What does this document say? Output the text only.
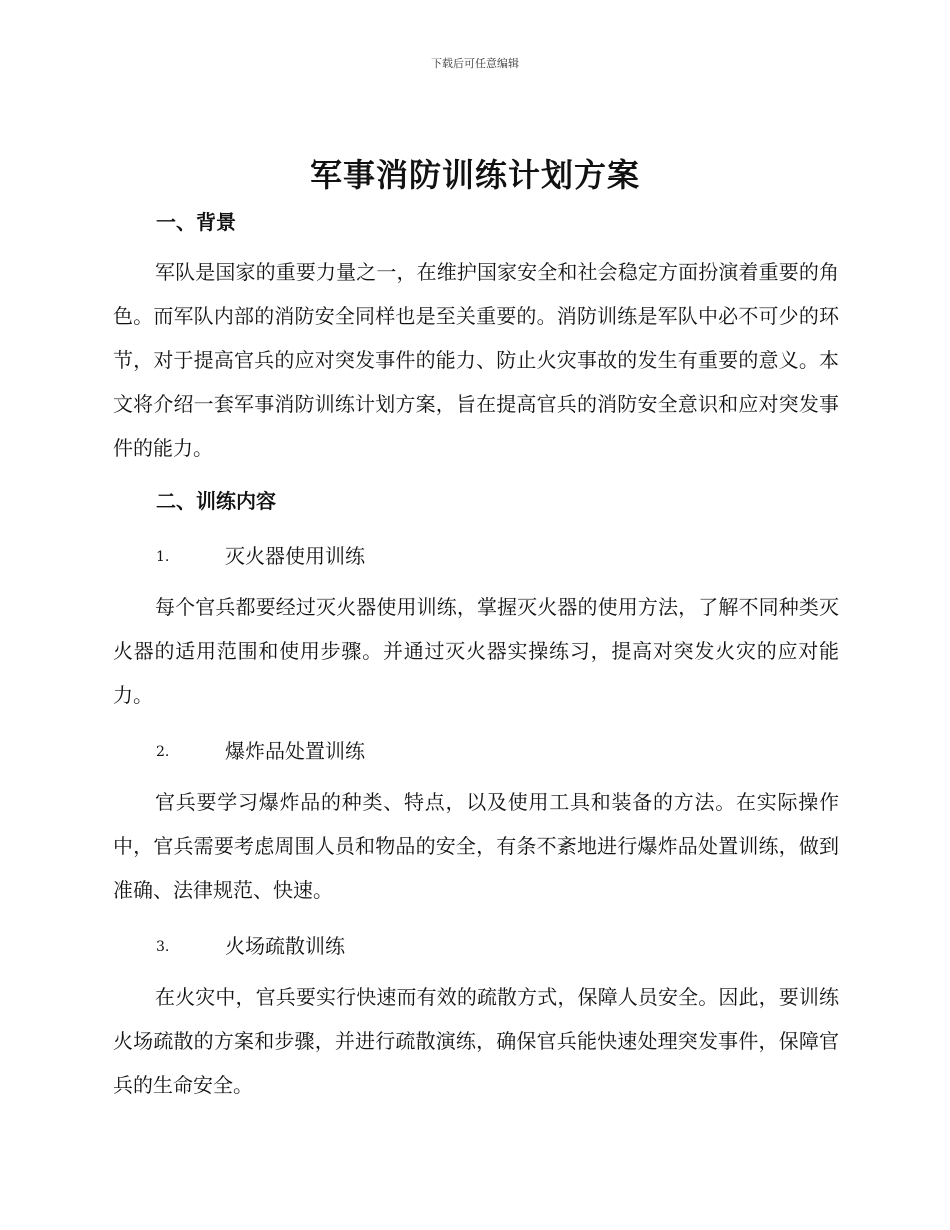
下载后可任意编辑
军事消防训练计划方案
一、背景

军队是国家的重要力量之一，在维护国家安全和社会稳定方面扮演着重要的角色。而军队内部的消防安全同样也是至关重要的。消防训练是军队中必不可少的环节，对于提高官兵的应对突发事件的能力、防止火灾事故的发生有重要的意义。本文将介绍一套军事消防训练计划方案，旨在提高官兵的消防安全意识和应对突发事件的能力。

二、训练内容
1.	灭火器使用训练

每个官兵都要经过灭火器使用训练，掌握灭火器的使用方法，了解不同种类灭火器的适用范围和使用步骤。并通过灭火器实操练习，提高对突发火灾的应对能力。

2.	爆炸品处置训练

官兵要学习爆炸品的种类、特点，以及使用工具和装备的方法。在实际操作中，官兵需要考虑周围人员和物品的安全，有条不紊地进行爆炸品处置训练，做到准确、法律规范、快速。

3.	火场疏散训练

在火灾中，官兵要实行快速而有效的疏散方式，保障人员安全。因此，要训练火场疏散的方案和步骤，并进行疏散演练，确保官兵能快速处理突发事件，保障官兵的生命安全。
